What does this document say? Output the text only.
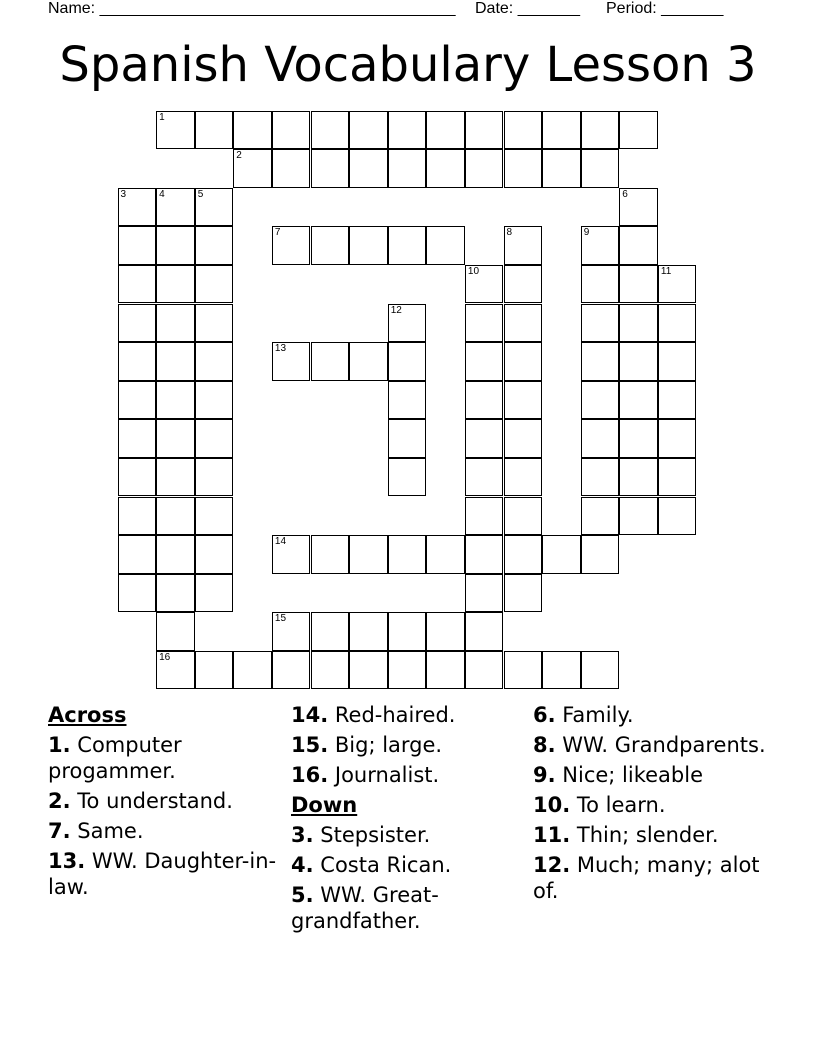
Name: ________________________________________ Date: _______ Period: _______
Spanish Vocabulary Lesson 3
1
2
3	4
16
5	6
7	8	9
10	11
12
13
14
15
Across
1. Computer progammer.
2. To understand.
7. Same.
13. WW. Daughter-in-law.
14. Red-haired.
15. Big; large.
16. Journalist.
Down
3. Stepsister.
4. Costa Rican.
5. WW. Great-grandfather.
6. Family.
8. WW. Grandparents.
9. Nice; likeable
10. To learn.
11. Thin; slender.
12. Much; many; alot of.
